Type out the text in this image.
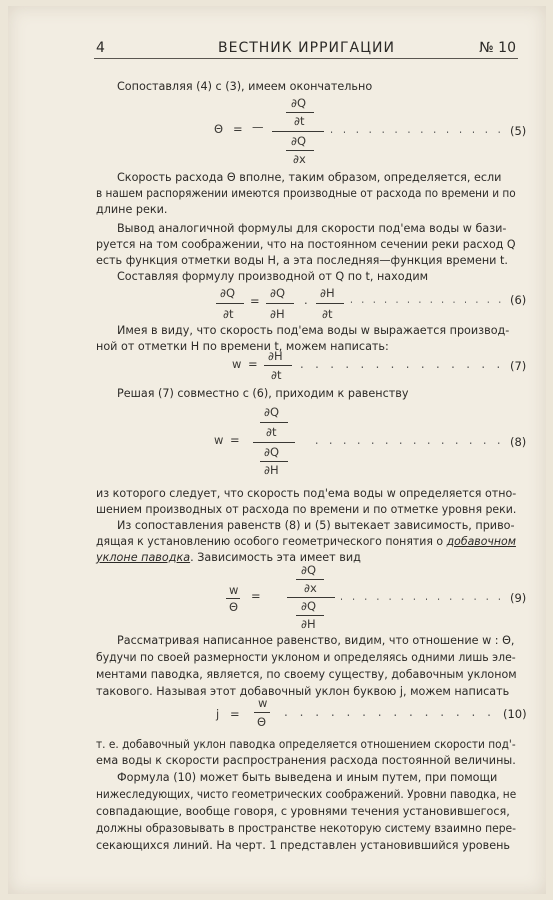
4	ВЕСТНИК ИРРИГАЦИИ	№ 10
Сопоставляя (4) с (3), имеем окончательно
∂Q
∂t
Θ = —
∂Q
∂x
. . . . . . . . . . . . . . (5)
Скорость расхода Θ вполне, таким образом, определяется, если
в нашем распоряжении имеются производные от расхода по времени и по
длине реки.
Вывод аналогичной формулы для скорости под'ема воды w бази-
руется на том соображении, что на постоянном сечении реки расход Q
есть функция отметки воды H, а эта последняя—функция времени t.
Составляя формулу производной от Q по t, находим
∂Q
∂t
=
∂Q
∂H
. ∂H
∂t
. . . . . . . . . . . . . . (6)
Имея в виду, что скорость под'ема воды w выражается производ-
ной от отметки H по времени t, можем написать:
w =
∂H
∂t
. . . . . . . . . . . . . . (7)
Решая (7) совместно с (6), приходим к равенству
∂Q
∂t
w =
∂Q
∂H
. . . . . . . . . . . . . . (8)
из которого следует, что скорость под'ема воды w определяется отно-
шением производных от расхода по времени и по отметке уровня реки.
Из сопоставления равенств (8) и (5) вытекает зависимость, приво-
дящая к установлению особого геометрического понятия о добавочном
уклоне паводка. Зависимость эта имеет вид
∂Q
∂x
w
Θ
=
∂Q
∂H
. . . . . . . . . . . . . . (9)
Рассматривая написанное равенство, видим, что отношение w : Θ,
будучи по своей размерности уклоном и определяясь одними лишь эле-
ментами паводка, является, по своему существу, добавочным уклоном
такового. Называя этот добавочный уклон буквою j, можем написать
w
j =
Θ
. . . . . . . . . . . . . . (10)
т. е. добавочный уклон паводка определяется отношением скорости под'-
ема воды к скорости распространения расхода постоянной величины.
Формула (10) может быть выведена и иным путем, при помощи
нижеследующих, чисто геометрических соображений. Уровни паводка, не
совпадающие, вообще говоря, с уровнями течения установившегося,
должны образовывать в пространстве некоторую систему взаимно пере-
секающихся линий. На черт. 1 представлен установившийся уровень
